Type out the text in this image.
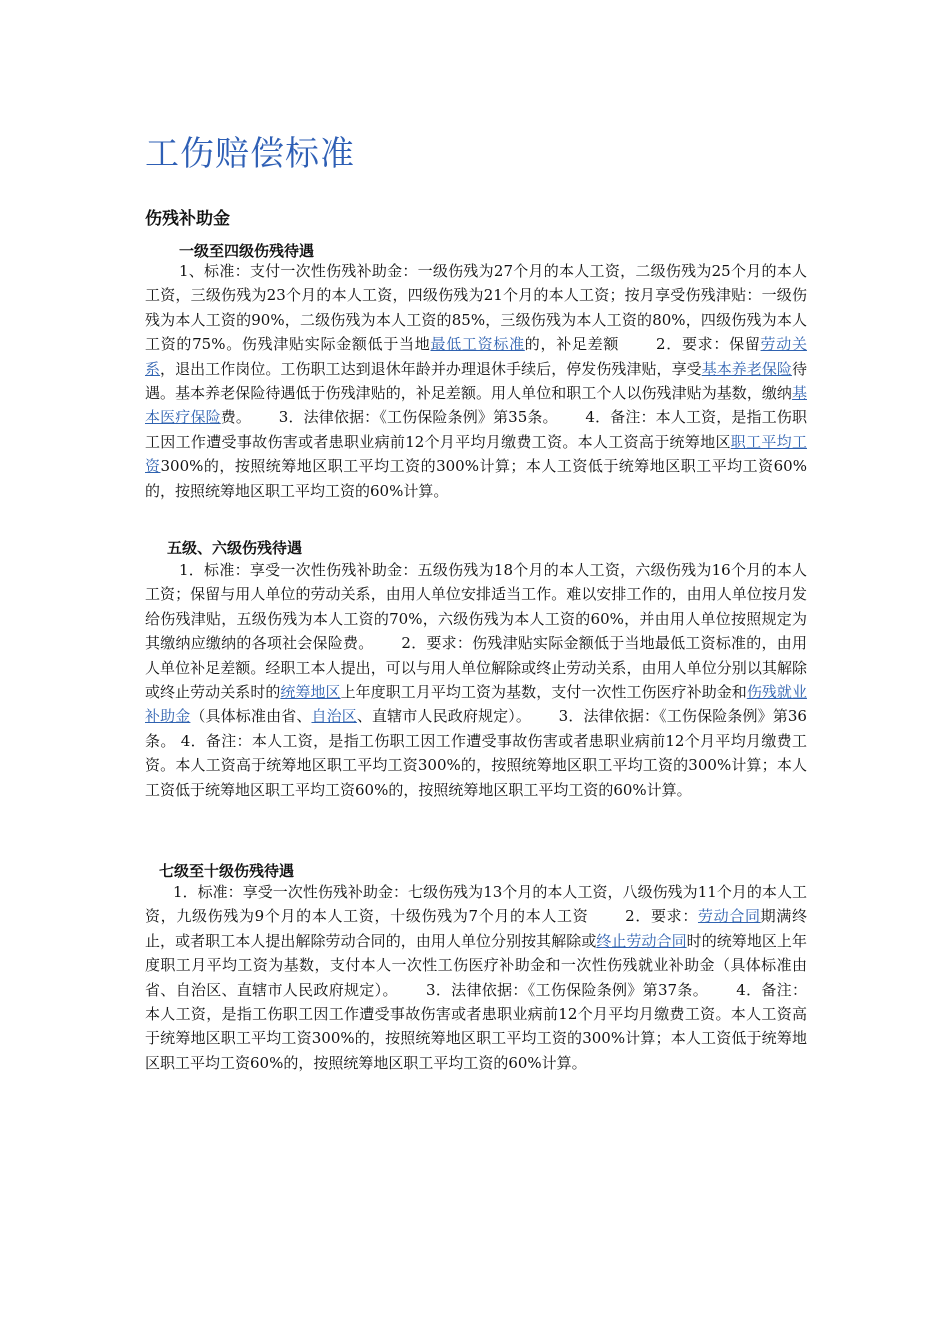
工伤赔偿标准
伤残补助金
一级至四级伤残待遇

1、标准：支付一次性伤残补助金：一级伤残为27个月的本人工资，二级伤残为25个月的本人工资，三级伤残为23个月的本人工资，四级伤残为21个月的本人工资；按月享受伤残津贴：一级伤残为本人工资的90%，二级伤残为本人工资的85%，三级伤残为本人工资的80%，四级伤残为本人工资的75%。伤残津贴实际金额低于当地最低工资标准的，补足差额　　 2．要求：保留劳动关系，退出工作岗位。工伤职工达到退休年龄并办理退休手续后，停发伤残津贴，享受基本养老保险待遇。基本养老保险待遇低于伤残津贴的，补足差额。用人单位和职工个人以伤残津贴为基数，缴纳基本医疗保险费。　　 3．法律依据：《工伤保险条例》第35条。　　 4．备注：本人工资，是指工伤职工因工作遭受事故伤害或者患职业病前12个月平均月缴费工资。本人工资高于统筹地区职工平均工资300%的，按照统筹地区职工平均工资的300%计算；本人工资低于统筹地区职工平均工资60%的，按照统筹地区职工平均工资的60%计算。

五级、六级伤残待遇

1．标准：享受一次性伤残补助金：五级伤残为18个月的本人工资，六级伤残为16个月的本人工资；保留与用人单位的劳动关系，由用人单位安排适当工作。难以安排工作的，由用人单位按月发给伤残津贴，五级伤残为本人工资的70%，六级伤残为本人工资的60%，并由用人单位按照规定为其缴纳应缴纳的各项社会保险费。　　 2．要求：伤残津贴实际金额低于当地最低工资标准的，由用人单位补足差额。经职工本人提出，可以与用人单位解除或终止劳动关系，由用人单位分别以其解除或终止劳动关系时的统筹地区上年度职工月平均工资为基数，支付一次性工伤医疗补助金和伤残就业补助金（具体标准由省、自治区、直辖市人民政府规定）。　　 3．法律依据：《工伤保险条例》第36条。 4．备注：本人工资，是指工伤职工因工作遭受事故伤害或者患职业病前12个月平均月缴费工资。本人工资高于统筹地区职工平均工资300%的，按照统筹地区职工平均工资的300%计算；本人工资低于统筹地区职工平均工资60%的，按照统筹地区职工平均工资的60%计算。

七级至十级伤残待遇

1．标准：享受一次性伤残补助金：七级伤残为13个月的本人工资，八级伤残为11个月的本人工资，九级伤残为9个月的本人工资，十级伤残为7个月的本人工资　　 2．要求：劳动合同期满终止，或者职工本人提出解除劳动合同的，由用人单位分别按其解除或终止劳动合同时的统筹地区上年度职工月平均工资为基数，支付本人一次性工伤医疗补助金和一次性伤残就业补助金（具体标准由省、自治区、直辖市人民政府规定）。　　 3．法律依据：《工伤保险条例》第37条。　　 4．备注：本人工资，是指工伤职工因工作遭受事故伤害或者患职业病前12个月平均月缴费工资。本人工资高于统筹地区职工平均工资300%的，按照统筹地区职工平均工资的300%计算；本人工资低于统筹地区职工平均工资60%的，按照统筹地区职工平均工资的60%计算。
